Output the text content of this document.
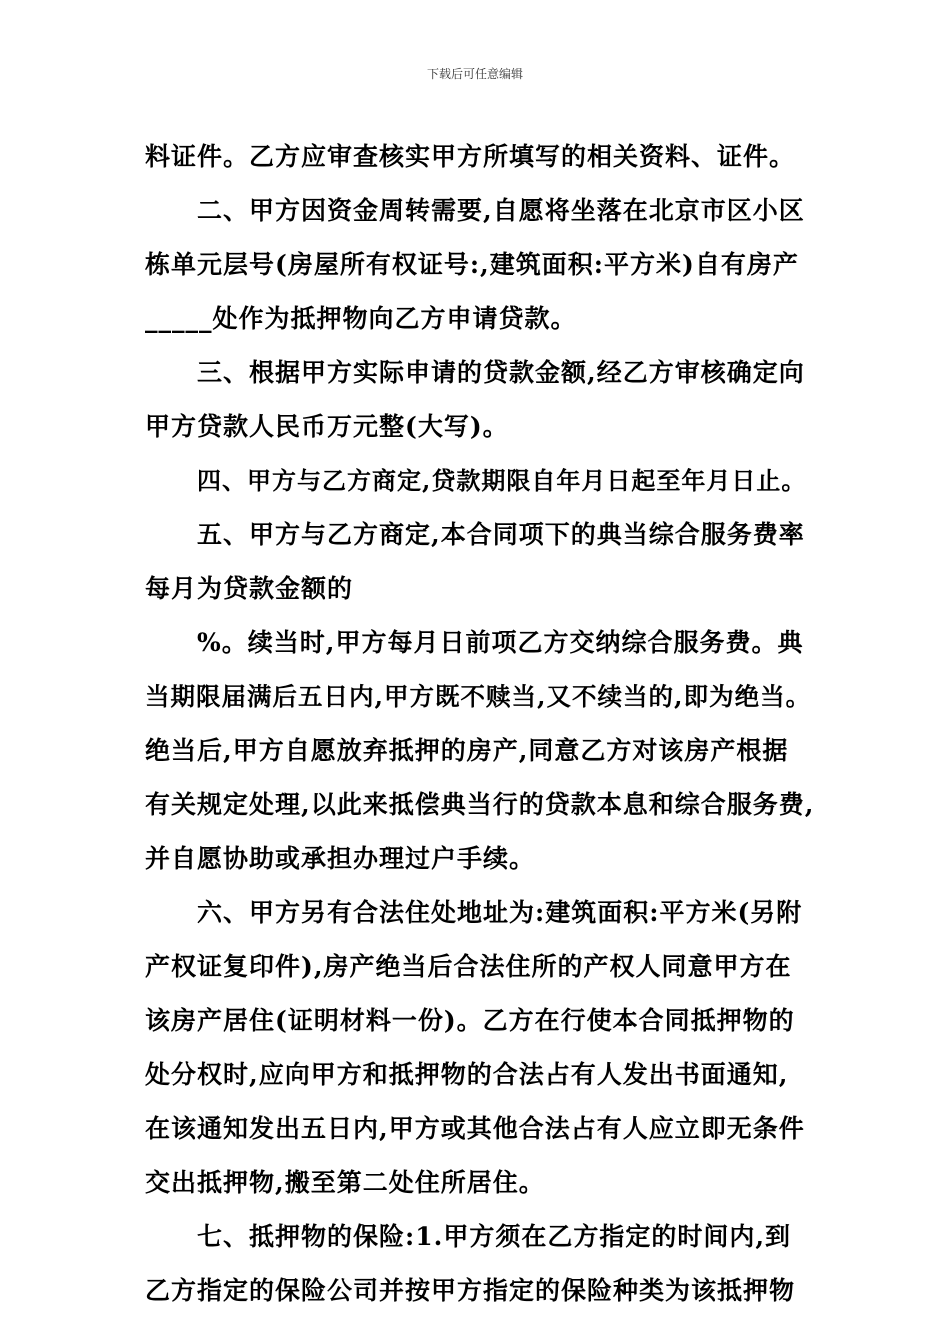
下载后可任意编辑
料证件。乙方应审查核实甲方所填写的相关资料、证件。
二、甲方因资金周转需要,自愿将坐落在北京市区小区
栋单元层号(房屋所有权证号:,建筑面积:平方米)自有房产
_____处作为抵押物向乙方申请贷款。
三、根据甲方实际申请的贷款金额,经乙方审核确定向
甲方贷款人民币万元整(大写)。
四、甲方与乙方商定,贷款期限自年月日起至年月日止。
五、甲方与乙方商定,本合同项下的典当综合服务费率
每月为贷款金额的
%。续当时,甲方每月日前项乙方交纳综合服务费。典
当期限届满后五日内,甲方既不赎当,又不续当的,即为绝当。
绝当后,甲方自愿放弃抵押的房产,同意乙方对该房产根据
有关规定处理,以此来抵偿典当行的贷款本息和综合服务费,
并自愿协助或承担办理过户手续。
六、甲方另有合法住处地址为:建筑面积:平方米(另附
产权证复印件),房产绝当后合法住所的产权人同意甲方在
该房产居住(证明材料一份)。乙方在行使本合同抵押物的
处分权时,应向甲方和抵押物的合法占有人发出书面通知,
在该通知发出五日内,甲方或其他合法占有人应立即无条件
交出抵押物,搬至第二处住所居住。
七、抵押物的保险:1.甲方须在乙方指定的时间内,到
乙方指定的保险公司并按甲方指定的保险种类为该抵押物
